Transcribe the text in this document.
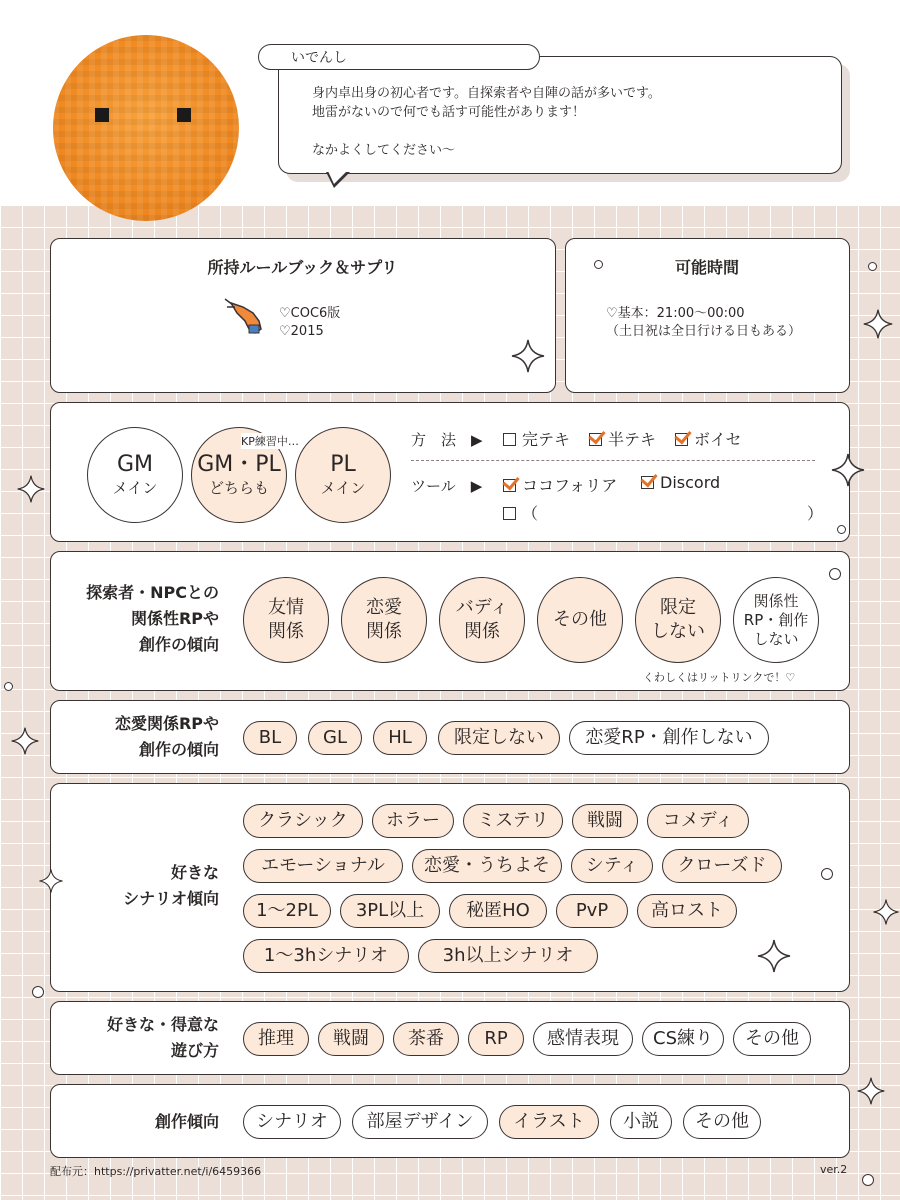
いでんし
身内卓出身の初心者です。自探索者や自陣の話が多いです。
地雷がないので何でも話す可能性があります！
なかよくしてください～
所持ルールブック＆サプリ
♡COC6版
♡2015
可能時間
♡基本：21:00～00:00
（土日祝は全日行ける日もある）
GM
メイン
GM・PL
どちらも
PL
メイン
KP練習中…	方　法　▶	完テキ	半テキ	ボイセ
ツール　▶	ココフォリア	Discord
（	）
探索者・NPCとの
関係性RPや
創作の傾向
友情
関係
恋愛
関係
バディ
関係
その他
限定
しない
関係性
RP・創作
しない
くわしくはリットリンクで！♡
恋愛関係RPや
創作の傾向
BL	GL	HL	限定しない	恋愛RP・創作しない
好きな
シナリオ傾向
クラシック	ホラー	ミステリ	戦闘	コメディ
エモーショナル	恋愛・うちよそ	シティ	クローズド
1～2PL	3PL以上	秘匿HO	PvP	高ロスト
1～3hシナリオ	3h以上シナリオ
好きな・得意な
遊び方
推理	戦闘	茶番	RP	感情表現	CS練り	その他
創作傾向	シナリオ	部屋デザイン	イラスト	小説	その他
配布元：https://privatter.net/i/6459366	ver.2
